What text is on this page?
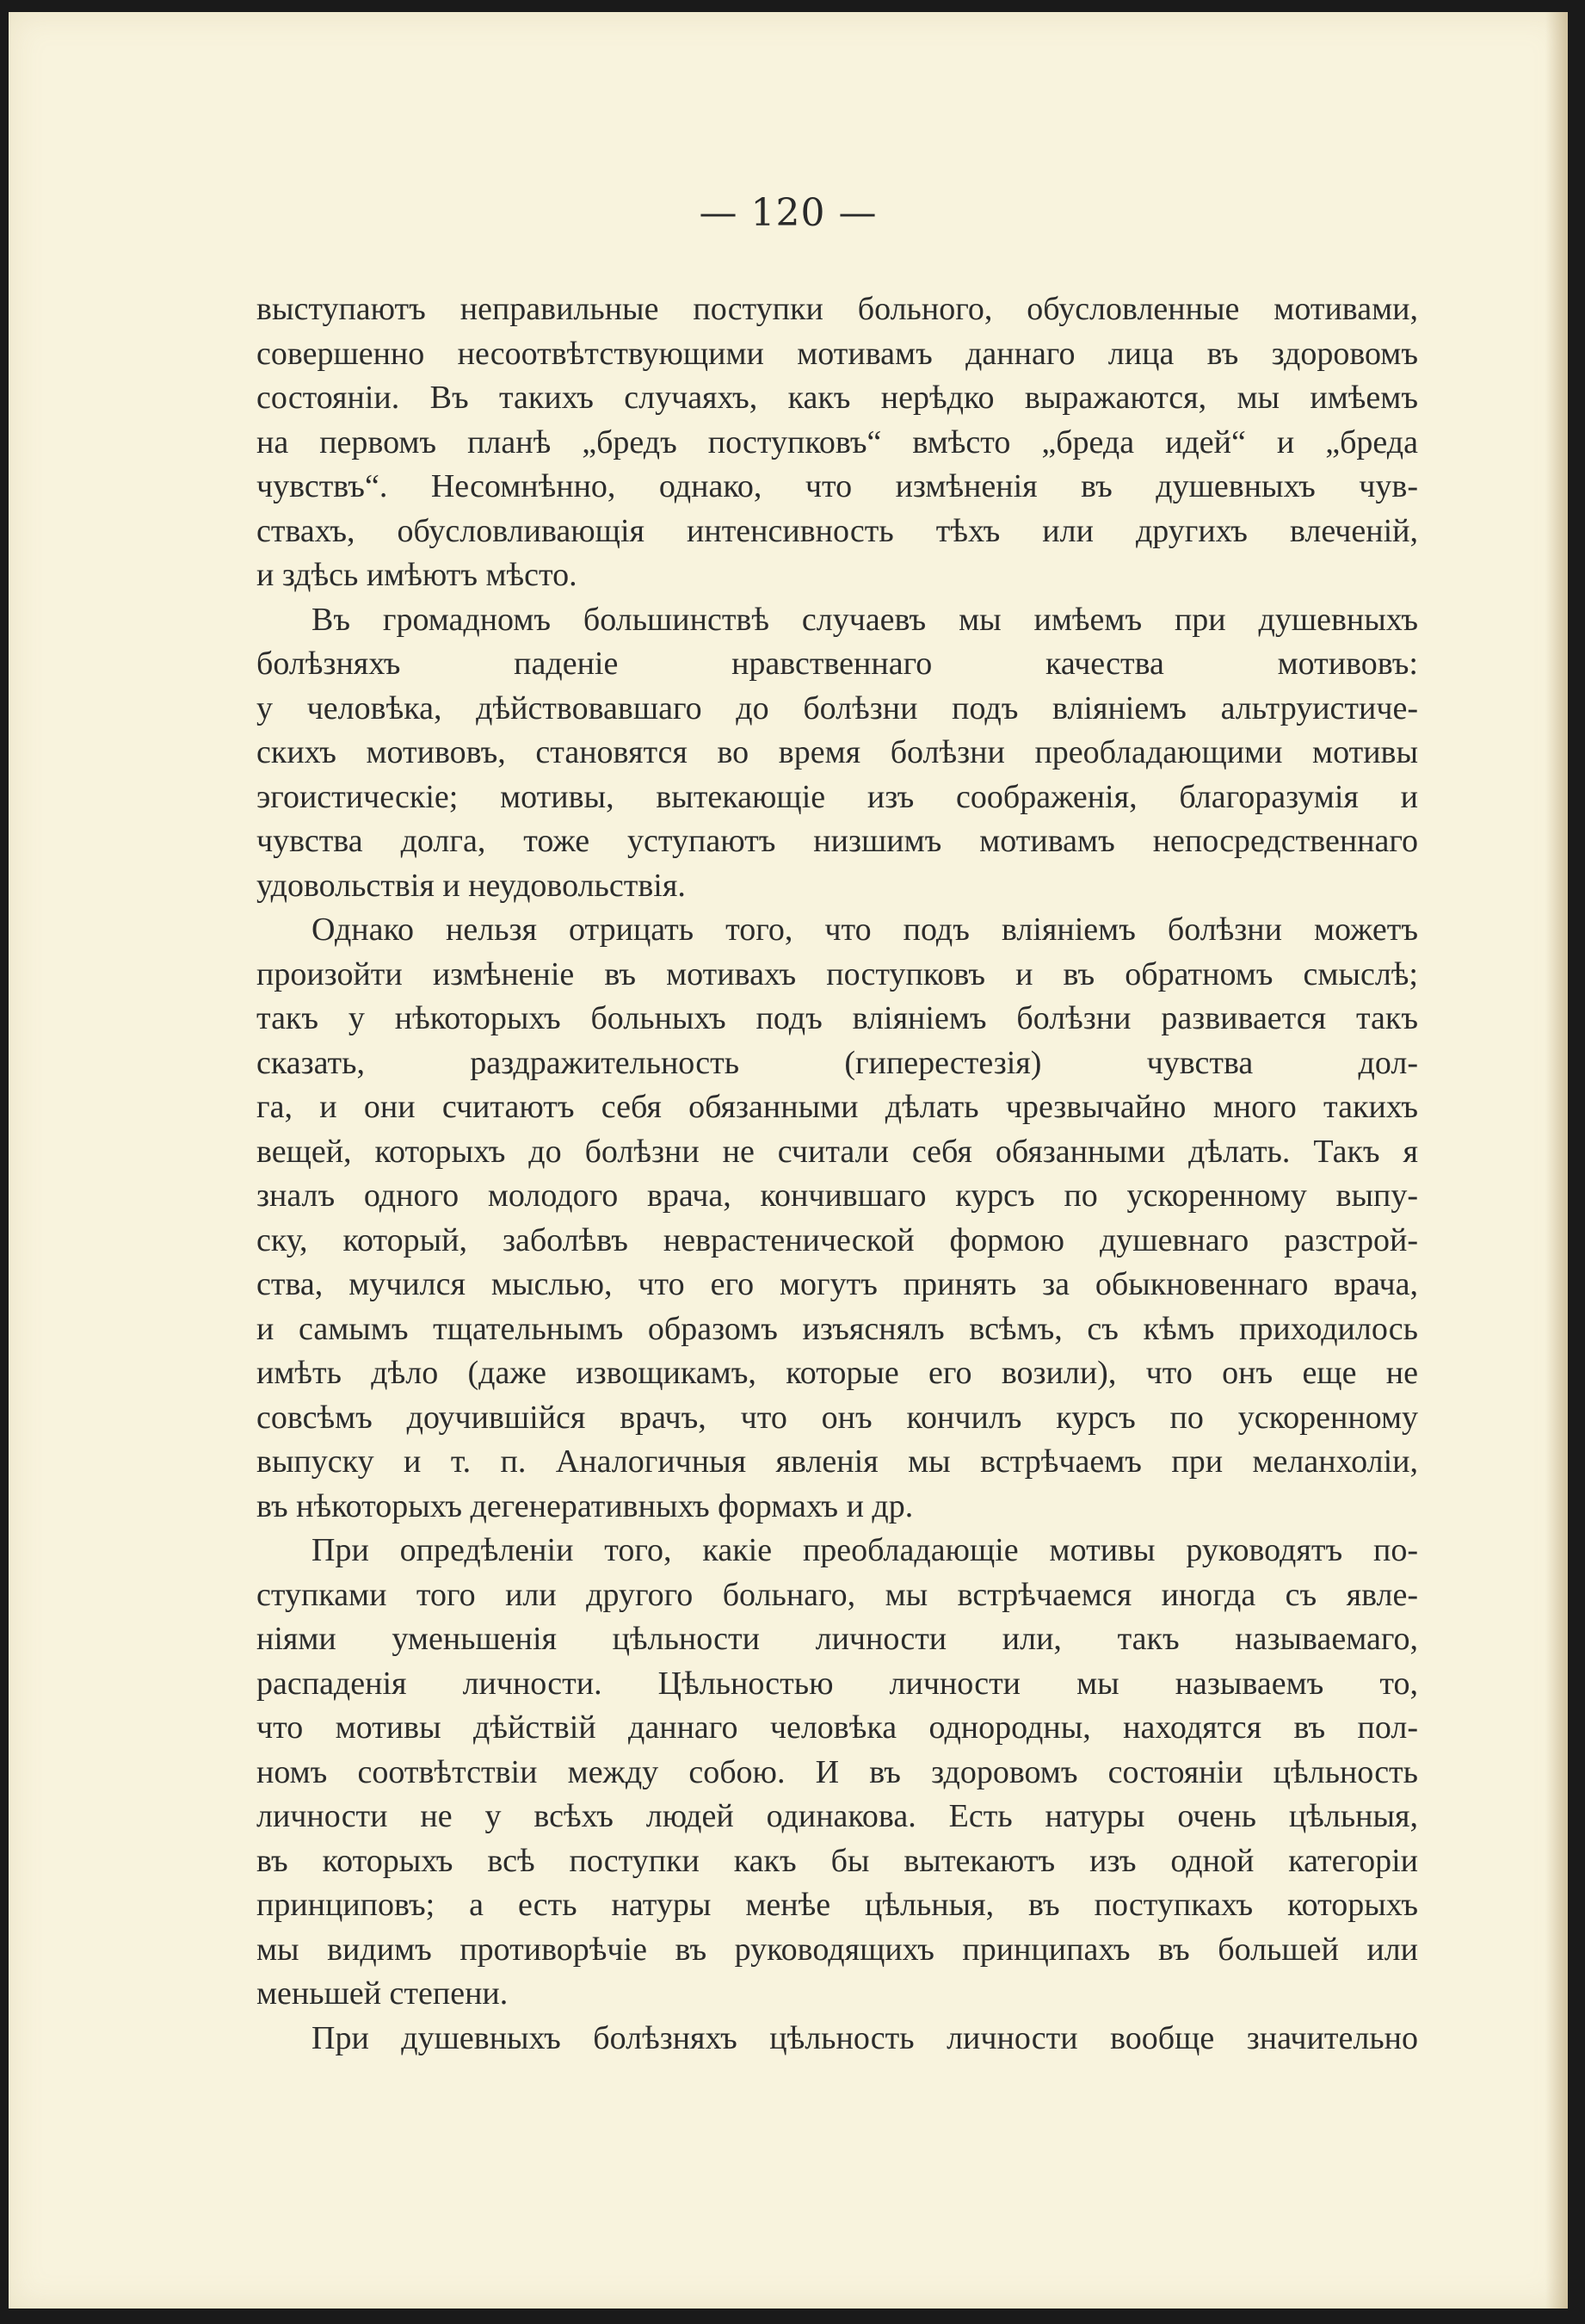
— 120 —
выступаютъ неправильные поступки больного, обусловленные мотивами,
совершенно несоотвѣтствующими мотивамъ даннаго лица въ здоровомъ
состояніи. Въ такихъ случаяхъ, какъ нерѣдко выражаются, мы имѣемъ
на первомъ планѣ „бредъ поступковъ“ вмѣсто „бреда идей“ и „бреда
чувствъ“. Несомнѣнно, однако, что измѣненія въ душевныхъ чув-
ствахъ, обусловливающія интенсивность тѣхъ или другихъ влеченій,
и здѣсь имѣютъ мѣсто.
Въ громадномъ большинствѣ случаевъ мы имѣемъ при душевныхъ
болѣзняхъ паденіе нравственнаго качества мотивовъ:
у человѣка, дѣйствовавшаго до болѣзни подъ вліяніемъ альтруистиче-
скихъ мотивовъ, становятся во время болѣзни преобладающими мотивы
эгоистическіе; мотивы, вытекающіе изъ соображенія, благоразумія и
чувства долга, тоже уступаютъ низшимъ мотивамъ непосредственнаго
удовольствія и неудовольствія.
Однако нельзя отрицать того, что подъ вліяніемъ болѣзни можетъ
произойти измѣненіе въ мотивахъ поступковъ и въ обратномъ смыслѣ;
такъ у нѣкоторыхъ больныхъ подъ вліяніемъ болѣзни развивается такъ
сказать, раздражительность (гиперестезія) чувства дол-
га, и они считаютъ себя обязанными дѣлать чрезвычайно много такихъ
вещей, которыхъ до болѣзни не считали себя обязанными дѣлать. Такъ я
зналъ одного молодого врача, кончившаго курсъ по ускоренному выпу-
ску, который, заболѣвъ неврастенической формою душевнаго разстрой-
ства, мучился мыслью, что его могутъ принять за обыкновеннаго врача,
и самымъ тщательнымъ образомъ изъяснялъ всѣмъ, съ кѣмъ приходилось
имѣть дѣло (даже извощикамъ, которые его возили), что онъ еще не
совсѣмъ доучившійся врачъ, что онъ кончилъ курсъ по ускоренному
выпуску и т. п. Аналогичныя явленія мы встрѣчаемъ при меланхоліи,
въ нѣкоторыхъ дегенеративныхъ формахъ и др.
При опредѣленіи того, какіе преобладающіе мотивы руководятъ по-
ступками того или другого больнаго, мы встрѣчаемся иногда съ явле-
ніями уменьшенія цѣльности личности или, такъ называемаго,
распаденія личности. Цѣльностью личности мы называемъ то,
что мотивы дѣйствій даннаго человѣка однородны, находятся въ пол-
номъ соотвѣтствіи между собою. И въ здоровомъ состояніи цѣльность
личности не у всѣхъ людей одинакова. Есть натуры очень цѣльныя,
въ которыхъ всѣ поступки какъ бы вытекаютъ изъ одной категоріи
принциповъ; а есть натуры менѣе цѣльныя, въ поступкахъ которыхъ
мы видимъ противорѣчіе въ руководящихъ принципахъ въ большей или
меньшей степени.
При душевныхъ болѣзняхъ цѣльность личности вообще значительно
